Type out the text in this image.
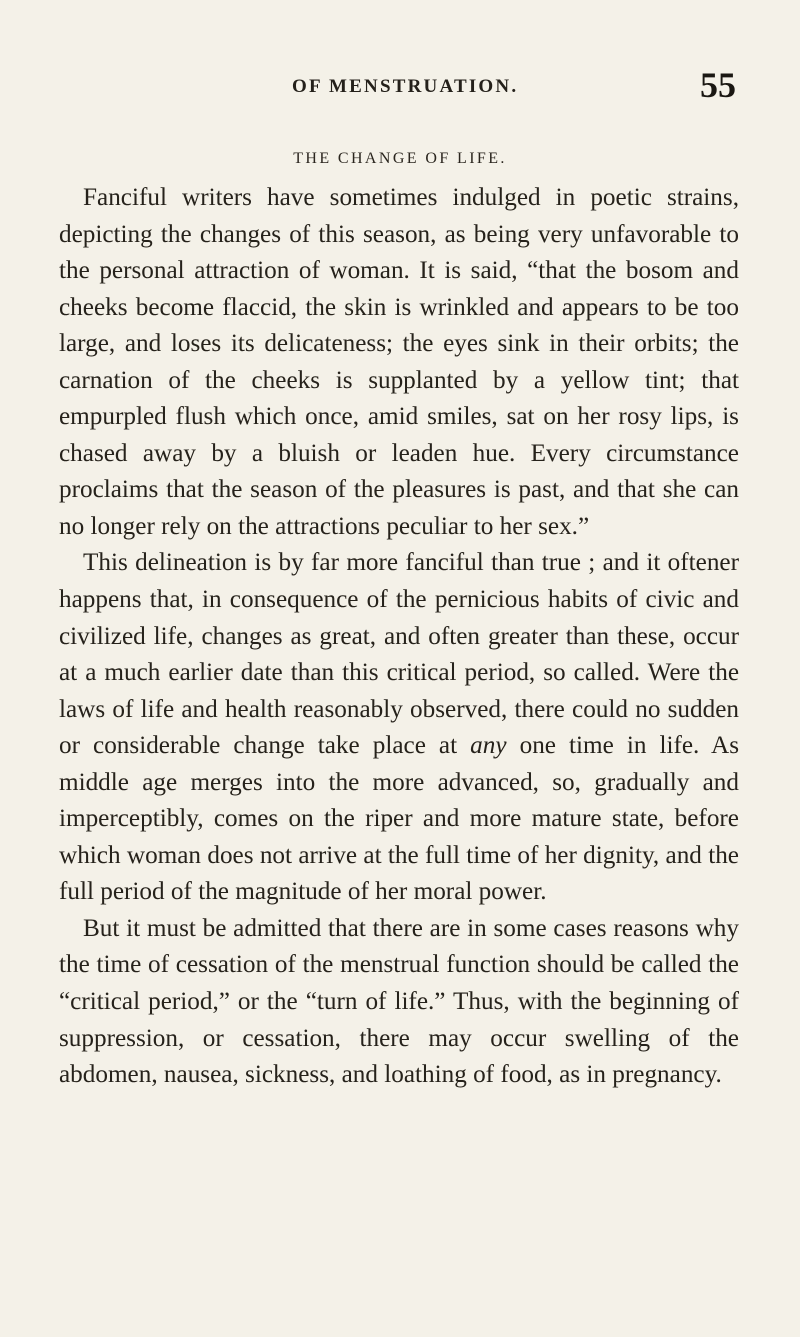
OF MENSTRUATION.	55
THE CHANGE OF LIFE.

Fanciful writers have sometimes indulged in poetic strains, depicting the changes of this season, as being very unfavorable to the personal attraction of woman. It is said, “that the bosom and cheeks become flaccid, the skin is wrinkled and appears to be too large, and loses its delicateness; the eyes sink in their orbits; the carnation of the cheeks is supplanted by a yellow tint; that empurpled flush which once, amid smiles, sat on her rosy lips, is chased away by a bluish or leaden hue. Every circumstance proclaims that the season of the pleasures is past, and that she can no longer rely on the attractions peculiar to her sex.”

This delineation is by far more fanciful than true ; and it oftener happens that, in consequence of the pernicious habits of civic and civilized life, changes as great, and often greater than these, occur at a much earlier date than this critical period, so called. Were the laws of life and health reasonably observed, there could no sudden or considerable change take place at any one time in life. As middle age merges into the more advanced, so, gradually and imperceptibly, comes on the riper and more mature state, before which woman does not arrive at the full time of her dignity, and the full period of the magnitude of her moral power.

But it must be admitted that there are in some cases reasons why the time of cessation of the menstrual function should be called the “critical period,” or the “turn of life.” Thus, with the beginning of suppression, or cessation, there may occur swelling of the abdomen, nausea, sickness, and loathing of food, as in pregnancy.
